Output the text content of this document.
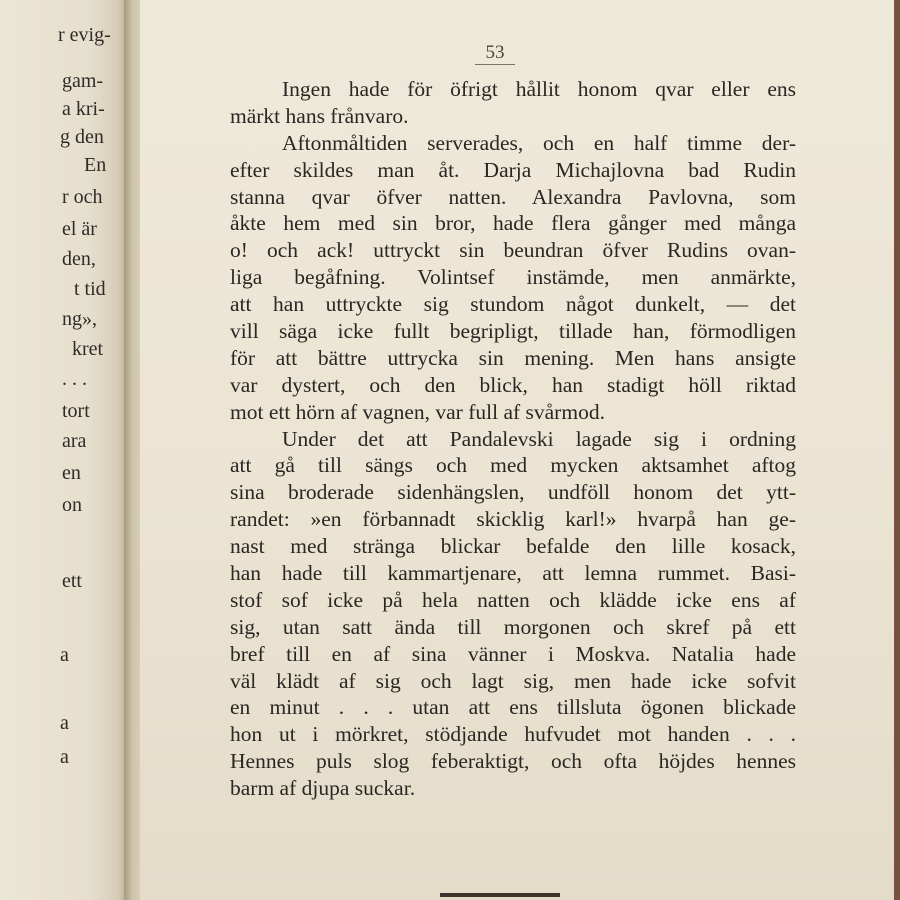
r evig-
gam-
a kri-
g den
En
r och
el är
den,
t tid
ng»,
kret
. . .
tort
ara
en
on
ett
a
a
a
53
Ingen hade för öfrigt hållit honom qvar eller ens
märkt hans frånvaro.
Aftonmåltiden serverades, och en half timme der-
efter skildes man åt. Darja Michajlovna bad Rudin
stanna qvar öfver natten. Alexandra Pavlovna, som
åkte hem med sin bror, hade flera gånger med många
o! och ack! uttryckt sin beundran öfver Rudins ovan-
liga begåfning. Volintsef instämde, men anmärkte,
att han uttryckte sig stundom något dunkelt, — det
vill säga icke fullt begripligt, tillade han, förmodligen
för att bättre uttrycka sin mening. Men hans ansigte
var dystert, och den blick, han stadigt höll riktad
mot ett hörn af vagnen, var full af svårmod.
Under det att Pandalevski lagade sig i ordning
att gå till sängs och med mycken aktsamhet aftog
sina broderade sidenhängslen, undföll honom det ytt-
randet: »en förbannadt skicklig karl!» hvarpå han ge-
nast med stränga blickar befalde den lille kosack,
han hade till kammartjenare, att lemna rummet. Basi-
stof sof icke på hela natten och klädde icke ens af
sig, utan satt ända till morgonen och skref på ett
bref till en af sina vänner i Moskva. Natalia hade
väl klädt af sig och lagt sig, men hade icke sofvit
en minut . . . utan att ens tillsluta ögonen blickade
hon ut i mörkret, stödjande hufvudet mot handen . . .
Hennes puls slog feberaktigt, och ofta höjdes hennes
barm af djupa suckar.
